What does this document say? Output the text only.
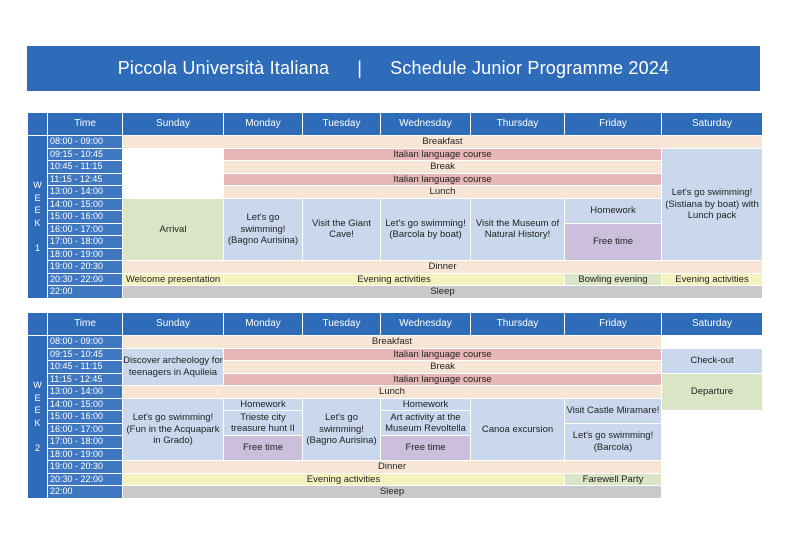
Piccola Università Italiana | Schedule Junior Programme 2024
	Time	Sunday	Monday	Tuesday	Wednesday	Thursday	Friday	Saturday

W
E
E
K

1	08:00 - 09:00	Breakfast						
	09:15 - 10:45		Italian language course					Let's go swimming! (Sistiana by boat) with Lunch pack
	10:45 - 11:15		Break					
	11:15 - 12:45		Italian language course					
	13:00 - 14:00		Lunch					
	14:00 - 15:00	Arrival	Let's go swimming! (Bagno Aurisina)	Visit the Giant Cave!	Let's go swimming! (Barcola by boat)	Visit the Museum of Natural History!	Homework	
	15:00 - 16:00							
	16:00 - 17:00						Free time	
	17:00 - 18:00							
	18:00 - 19:00							
	19:00 - 20:30	Dinner						
	20:30 - 22:00	Welcome presentation	Evening activities				Bowling evening	Evening activities
	22:00	Sleep						
	Time	Sunday	Monday	Tuesday	Wednesday	Thursday	Friday	Saturday

W
E
E
K

2	08:00 - 09:00	Breakfast						
	09:15 - 10:45	Discover archeology for teenagers in Aquileia	Italian language course					Check-out
	10:45 - 11:15		Break					
	11:15 - 12:45		Italian language course					Departure
	13:00 - 14:00	Lunch						
	14:00 - 15:00	Let's go swimming! (Fun in the Acquapark in Grado)	Homework	Let's go swimming! (Bagno Aurisina)	Homework	Canoa excursion	Visit Castle Miramare!	
	15:00 - 16:00		Trieste city treasure hunt II		Art activity at the Museum Revoltella			
	16:00 - 17:00						Let's go swimming! (Barcola)	
	17:00 - 18:00		Free time		Free time			
	18:00 - 19:00							
	19:00 - 20:30	Dinner						
	20:30 - 22:00	Evening activities					Farewell Party	
	22:00	Sleep						
